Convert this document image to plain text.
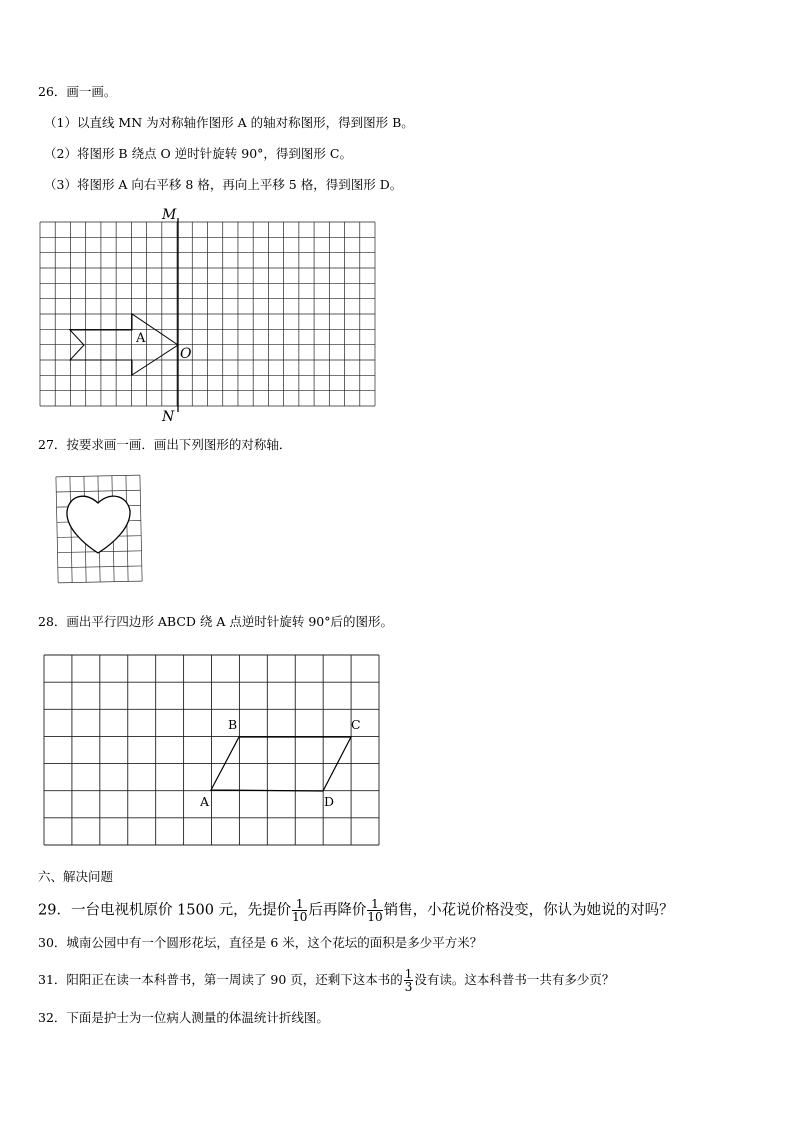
26．画一画。
（1）以直线 MN 为对称轴作图形 A 的轴对称图形，得到图形 B。
（2）将图形 B 绕点 O 逆时针旋转 90°，得到图形 C。
（3）将图形 A 向右平移 8 格，再向上平移 5 格，得到图形 D。
M
N
O
A
27．按要求画一画．画出下列图形的对称轴．
28．画出平行四边形 ABCD 绕 A 点逆时针旋转 90°后的图形。
A
B	C
D
六、解决问题
29．一台电视机原价 1500 元，先提价 $\frac{1}{10}$ 后再降价 $\frac{1}{10}$ 销售，小花说价格没变，你认为她说的对吗？
30．城南公园中有一个圆形花坛，直径是 6 米，这个花坛的面积是多少平方米？
31．阳阳正在读一本科普书，第一周读了 90 页，还剩下这本书的 $\frac{1}{3}$ 没有读。这本科普书一共有多少页？
32．下面是护士为一位病人测量的体温统计折线图。
